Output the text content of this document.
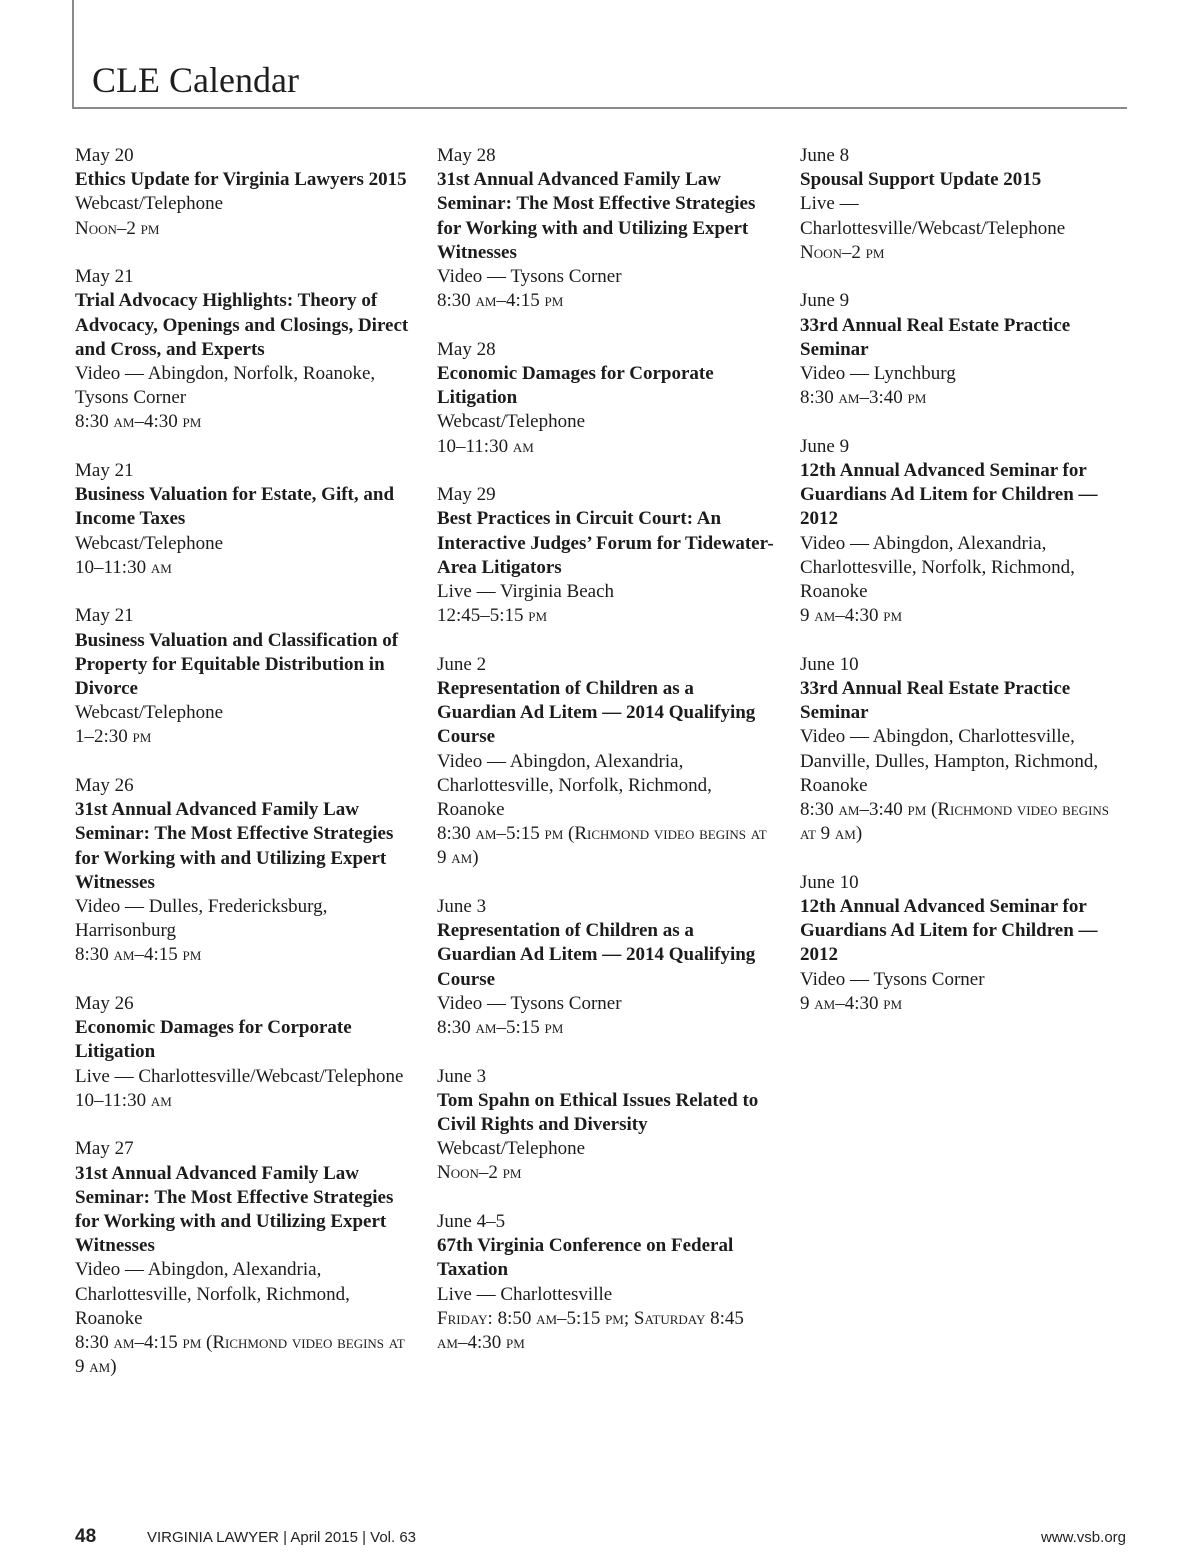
CLE Calendar
May 20
Ethics Update for Virginia Lawyers 2015
Webcast/Telephone
Noon–2 pm
May 21
Trial Advocacy Highlights: Theory of Advocacy, Openings and Closings, Direct and Cross, and Experts
Video — Abingdon, Norfolk, Roanoke, Tysons Corner
8:30 am–4:30 pm
May 21
Business Valuation for Estate, Gift, and Income Taxes
Webcast/Telephone
10–11:30 am
May 21
Business Valuation and Classification of Property for Equitable Distribution in Divorce
Webcast/Telephone
1–2:30 pm
May 26
31st Annual Advanced Family Law Seminar: The Most Effective Strategies for Working with and Utilizing Expert Witnesses
Video — Dulles, Fredericksburg, Harrisonburg
8:30 am–4:15 pm
May 26
Economic Damages for Corporate Litigation
Live — Charlottesville/Webcast/Telephone
10–11:30 am
May 27
31st Annual Advanced Family Law Seminar: The Most Effective Strategies for Working with and Utilizing Expert Witnesses
Video — Abingdon, Alexandria, Charlottesville, Norfolk, Richmond, Roanoke
8:30 am–4:15 pm (Richmond video begins at 9 am)
May 28
31st Annual Advanced Family Law Seminar: The Most Effective Strategies for Working with and Utilizing Expert Witnesses
Video — Tysons Corner
8:30 am–4:15 pm
May 28
Economic Damages for Corporate Litigation
Webcast/Telephone
10–11:30 am
May 29
Best Practices in Circuit Court: An Interactive Judges’ Forum for Tidewater-Area Litigators
Live — Virginia Beach
12:45–5:15 pm
June 2
Representation of Children as a Guardian Ad Litem — 2014 Qualifying Course
Video — Abingdon, Alexandria, Charlottesville, Norfolk, Richmond, Roanoke
8:30 am–5:15 pm (Richmond video begins at 9 am)
June 3
Representation of Children as a Guardian Ad Litem — 2014 Qualifying Course
Video — Tysons Corner
8:30 am–5:15 pm
June 3
Tom Spahn on Ethical Issues Related to Civil Rights and Diversity
Webcast/Telephone
Noon–2 pm
June 4–5
67th Virginia Conference on Federal Taxation
Live — Charlottesville
Friday: 8:50 am–5:15 pm; Saturday 8:45 am–4:30 pm
June 8
Spousal Support Update 2015
Live — Charlottesville/Webcast/Telephone
Noon–2 pm
June 9
33rd Annual Real Estate Practice Seminar
Video — Lynchburg
8:30 am–3:40 pm
June 9
12th Annual Advanced Seminar for Guardians Ad Litem for Children — 2012
Video — Abingdon, Alexandria, Charlottesville, Norfolk, Richmond, Roanoke
9 am–4:30 pm
June 10
33rd Annual Real Estate Practice Seminar
Video — Abingdon, Charlottesville, Danville, Dulles, Hampton, Richmond, Roanoke
8:30 am–3:40 pm (Richmond video begins at 9 am)
June 10
12th Annual Advanced Seminar for Guardians Ad Litem for Children — 2012
Video — Tysons Corner
9 am–4:30 pm
48	VIRGINIA LAWYER | April 2015 | Vol. 63	www.vsb.org
